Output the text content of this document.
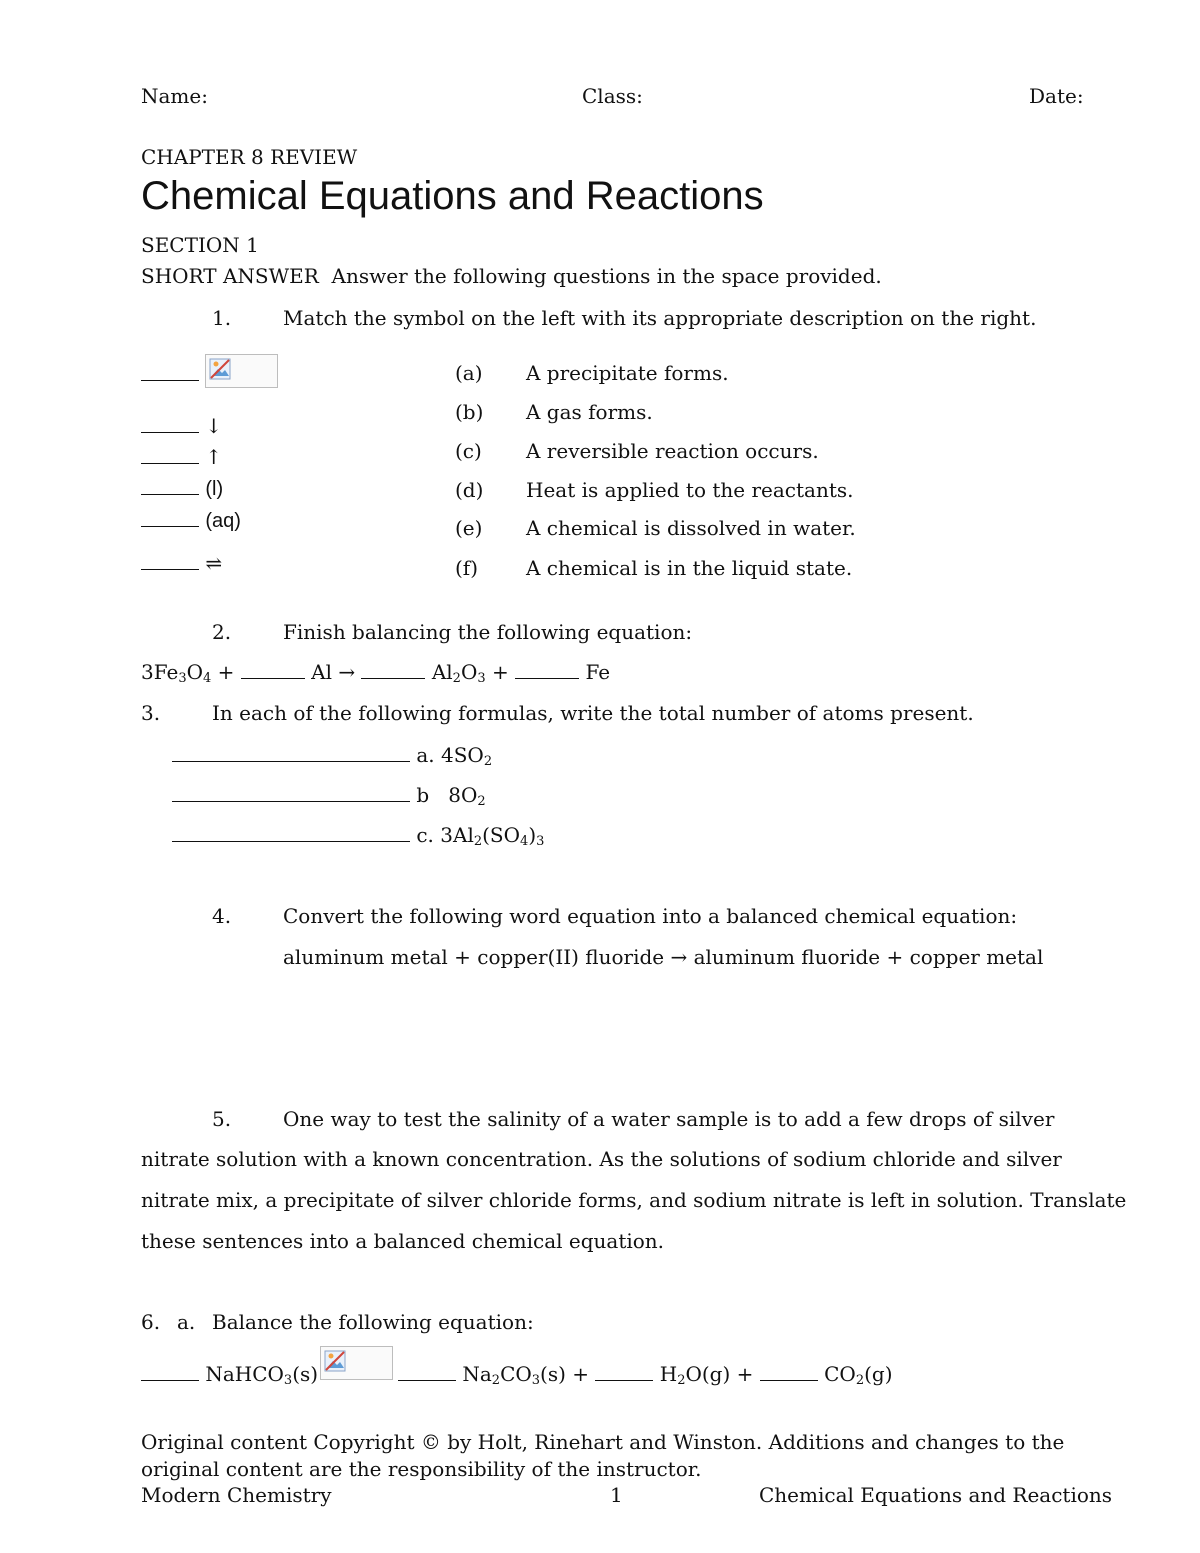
Name:	Class:	Date:
CHAPTER 8 REVIEW
Chemical Equations and Reactions
SECTION 1
SHORT ANSWER Answer the following questions in the space provided.
1.	Match the symbol on the left with its appropriate description on the right.
↓
↑
(l)
(aq)
⇌
(a) A precipitate forms.
(b) A gas forms.
(c) A reversible reaction occurs.
(d) Heat is applied to the reactants.
(e) A chemical is dissolved in water.
(f) A chemical is in the liquid state.
2.	Finish balancing the following equation:
$3Fe_3O_4$ +	Al →	$Al_2O_3$ +	Fe
3.	In each of the following formulas, write the total number of atoms present.
a. $4SO_2$
b   $8O_2$
c. $3Al_2(SO_4)_3$
4.	Convert the following word equation into a balanced chemical equation:
aluminum metal + copper(II) fluoride → aluminum fluoride + copper metal
5.	One way to test the salinity of a water sample is to add a few drops of silver
nitrate solution with a known concentration. As the solutions of sodium chloride and silver
nitrate mix, a precipitate of silver chloride forms, and sodium nitrate is left in solution. Translate
these sentences into a balanced chemical equation.
6. a. Balance the following equation:
NaHCO$_3$(s)	$Na_2CO_3(s)$ +	$H_2O(g)$ +	$CO_2(g)$
Original content Copyright © by Holt, Rinehart and Winston. Additions and changes to the
original content are the responsibility of the instructor.
Modern Chemistry	1	Chemical Equations and Reactions
